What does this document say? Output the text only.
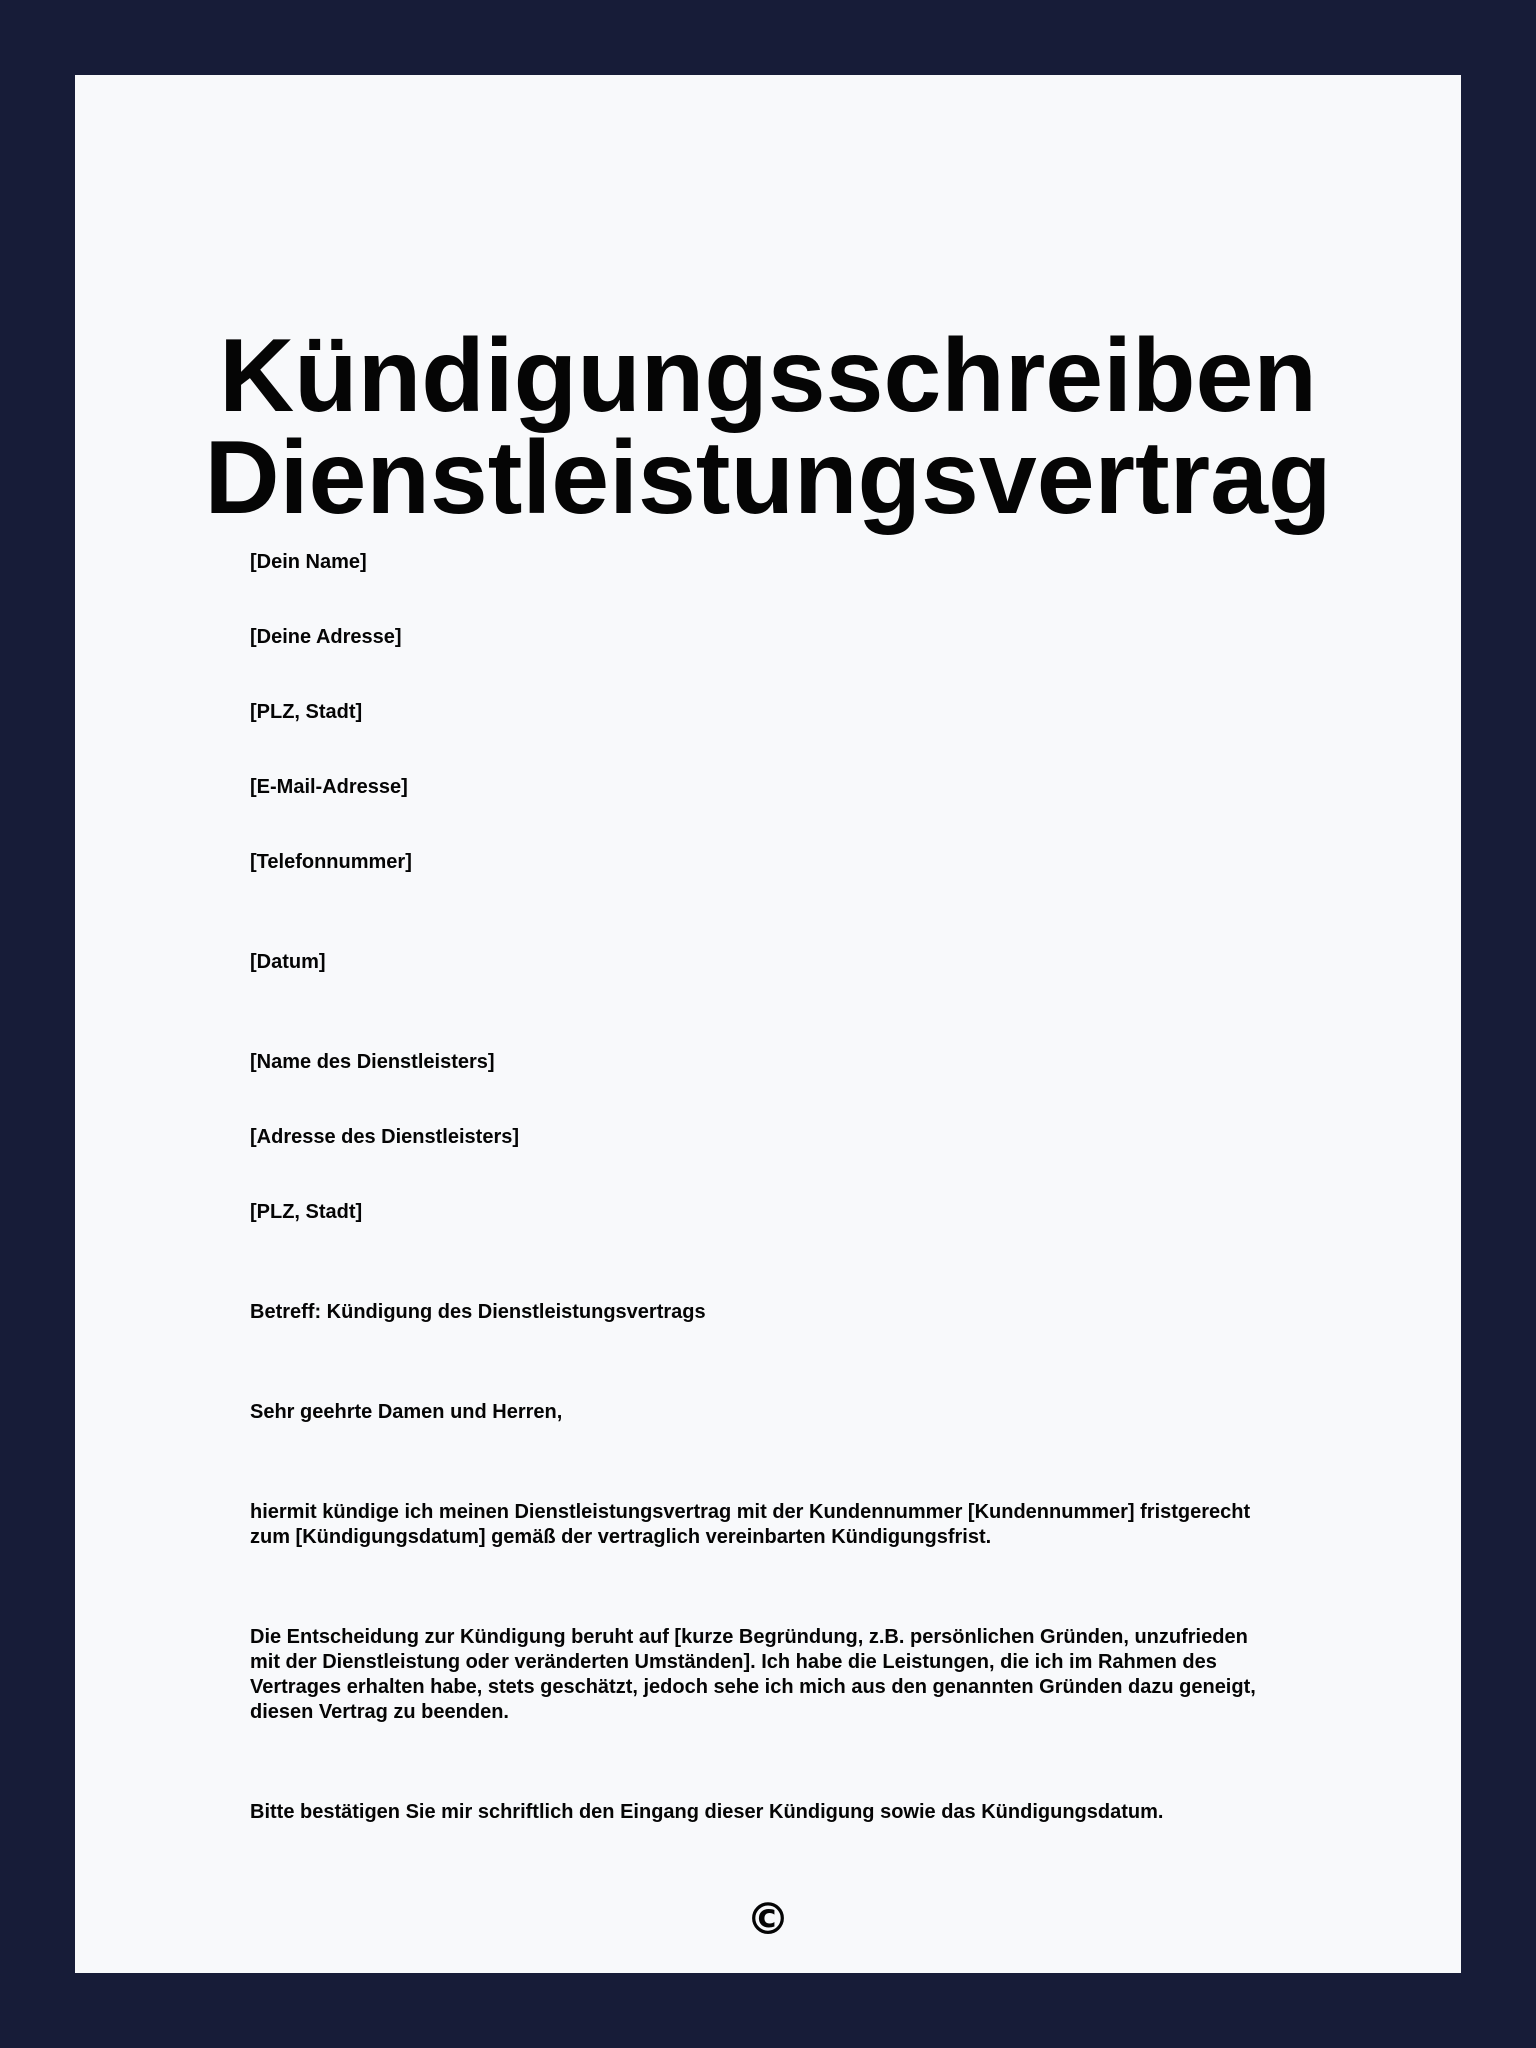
Kündigungsschreiben
Dienstleistungsvertrag

[Dein Name]

[Deine Adresse]

[PLZ, Stadt]

[E-Mail-Adresse]

[Telefonnummer]

[Datum]

[Name des Dienstleisters]

[Adresse des Dienstleisters]

[PLZ, Stadt]

Betreff: Kündigung des Dienstleistungsvertrags

Sehr geehrte Damen und Herren,

hiermit kündige ich meinen Dienstleistungsvertrag mit der Kundennummer [Kundennummer] fristgerecht
zum [Kündigungsdatum] gemäß der vertraglich vereinbarten Kündigungsfrist.
Die Entscheidung zur Kündigung beruht auf [kurze Begründung, z.B. persönlichen Gründen, unzufrieden
mit der Dienstleistung oder veränderten Umständen]. Ich habe die Leistungen, die ich im Rahmen des
Vertrages erhalten habe, stets geschätzt, jedoch sehe ich mich aus den genannten Gründen dazu geneigt,
diesen Vertrag zu beenden.

Bitte bestätigen Sie mir schriftlich den Eingang dieser Kündigung sowie das Kündigungsdatum.

©
